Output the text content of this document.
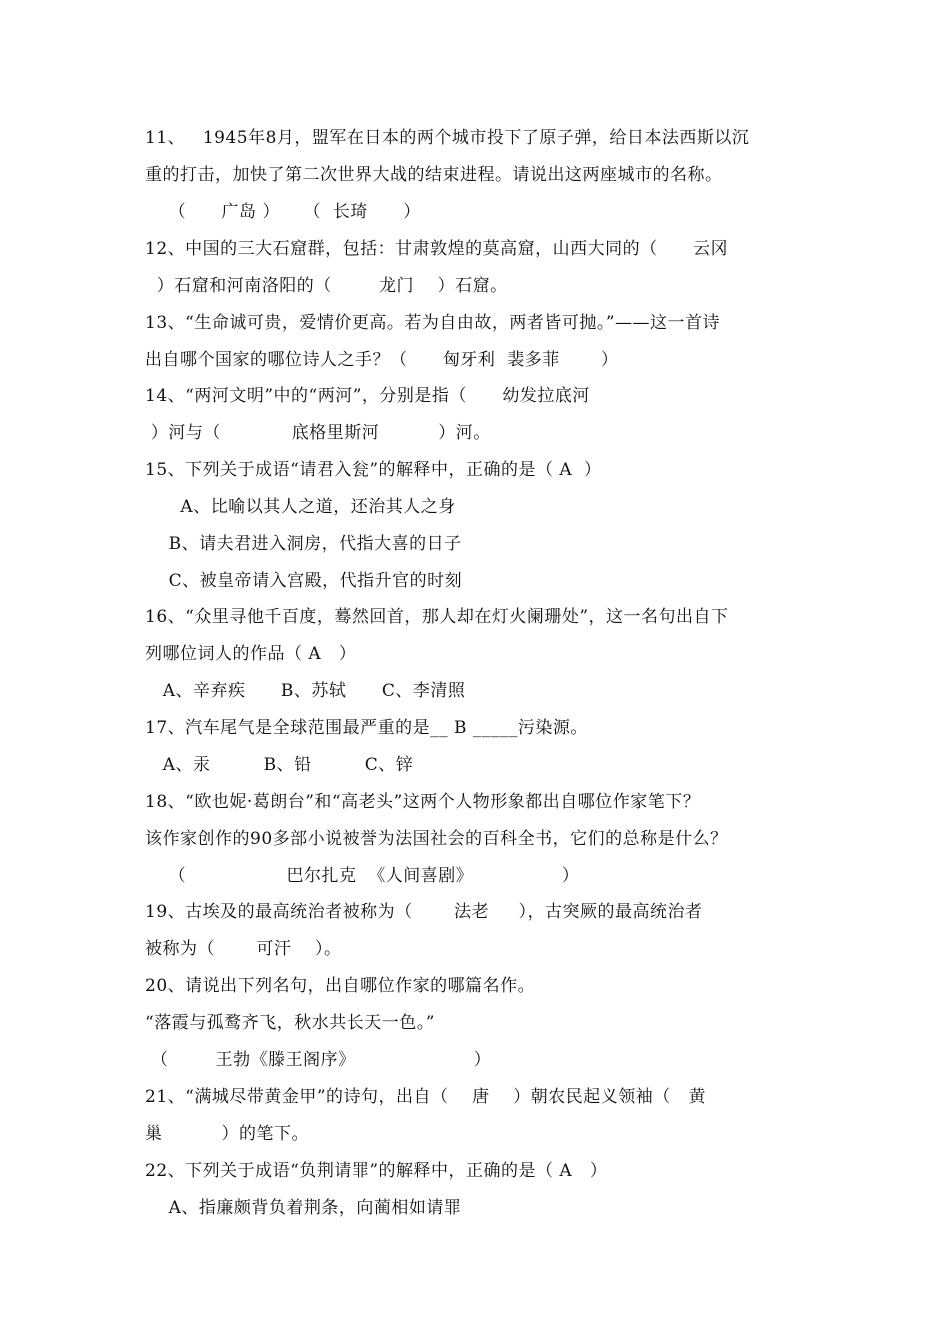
11、   1945年8月，盟军在日本的两个城市投下了原子弹，给日本法西斯以沉
重的打击，加快了第二次世界大战的结束进程。请说出这两座城市的名称。
（      广岛 ）    （  长琦      ）
12、中国的三大石窟群，包括：甘肃敦煌的莫高窟，山西大同的（      云冈
）石窟和河南洛阳的（        龙门    ）石窟。
13、“生命诚可贵，爱情价更高。若为自由故，两者皆可抛。”——这一首诗
出自哪个国家的哪位诗人之手？（      匈牙利  裴多菲       ）
14、“两河文明”中的“两河”，分别是指（      幼发拉底河
）河与（            底格里斯河          ）河。
15、下列关于成语“请君入瓮”的解释中，正确的是（ A  ）
A、比喻以其人之道，还治其人之身
B、请夫君进入洞房，代指大喜的日子
C、被皇帝请入宫殿，代指升官的时刻
16、“众里寻他千百度，蓦然回首，那人却在灯火阑珊处”，这一名句出自下
列哪位词人的作品（ A   ）
A、辛弃疾      B、苏轼      C、李清照
17、汽车尾气是全球范围最严重的是__ B _____污染源。
A、汞         B、铅         C、锌
18、“欧也妮·葛朗台”和“高老头”这两个人物形象都出自哪位作家笔下？
该作家创作的90多部小说被誉为法国社会的百科全书，它们的总称是什么？
（                 巴尔扎克  《人间喜剧》               ）
19、古埃及的最高统治者被称为（       法老     ），古突厥的最高统治者
被称为（       可汗    ）。
20、请说出下列名句，出自哪位作家的哪篇名作。
“落霞与孤鹜齐飞，秋水共长天一色。”
（        王勃《滕王阁序》                    ）
21、“满城尽带黄金甲”的诗句，出自（    唐    ）朝农民起义领袖（   黄
巢          ）的笔下。
22、下列关于成语“负荆请罪”的解释中，正确的是（ A   ）
A、指廉颇背负着荆条，向蔺相如请罪
